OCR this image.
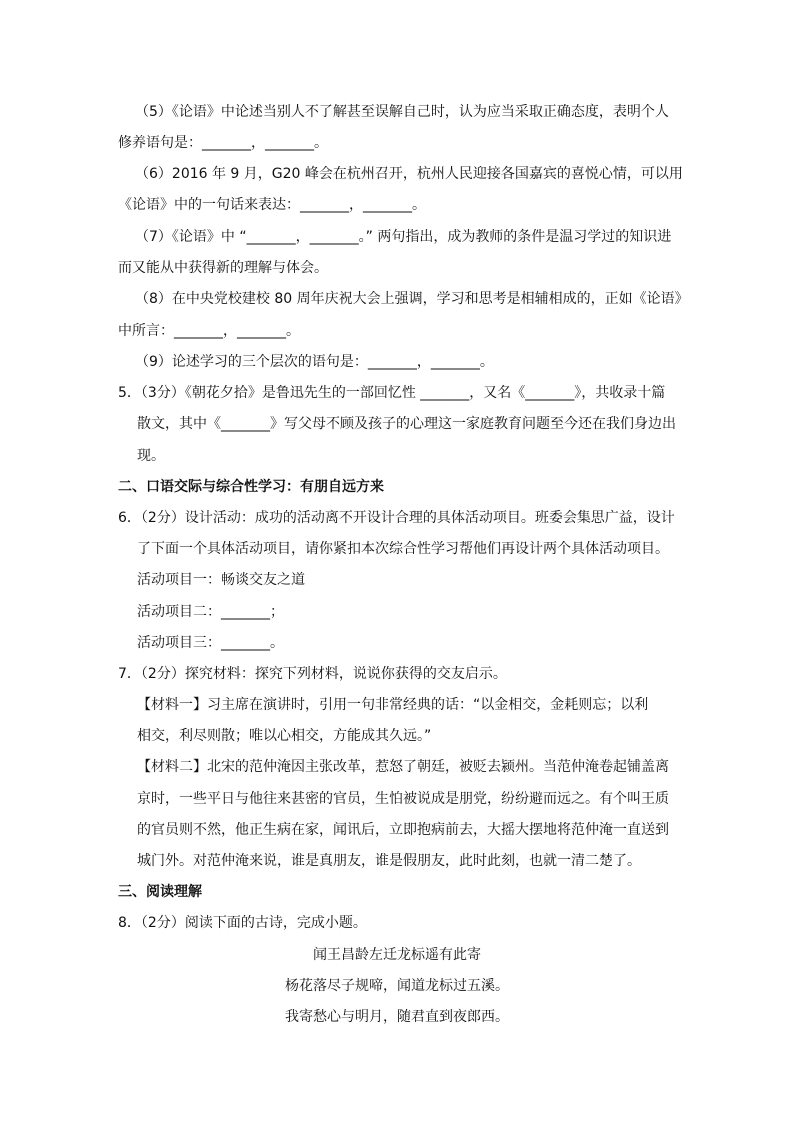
（5）《论语》中论述当别人不了解甚至误解自己时，认为应当采取正确态度，表明个人
修养语句是：_______，_______。
（6）2016 年 9 月，G20 峰会在杭州召开，杭州人民迎接各国嘉宾的喜悦心情，可以用
《论语》中的一句话来表达：_______，_______。
（7）《论语》中 “_______，_______。” 两句指出，成为教师的条件是温习学过的知识进
而又能从中获得新的理解与体会。
（8）在中央党校建校 80 周年庆祝大会上强调，学习和思考是相辅相成的，正如《论语》
中所言：_______，_______。
（9）论述学习的三个层次的语句是：_______，_______。
5．（3分）《朝花夕拾》是鲁迅先生的一部回忆性 _______，又名《_______》，共收录十篇
散文，其中《_______》写父母不顾及孩子的心理这一家庭教育问题至今还在我们身边出
现。
二、口语交际与综合性学习：有朋自远方来
6．（2分）设计活动：成功的活动离不开设计合理的具体活动项目。班委会集思广益，设计
了下面一个具体活动项目，请你紧扣本次综合性学习帮他们再设计两个具体活动项目。
活动项目一：畅谈交友之道
活动项目二：_______；
活动项目三：_______。
7．（2分）探究材料：探究下列材料，说说你获得的交友启示。
【材料一】习主席在演讲时，引用一句非常经典的话：“以金相交，金耗则忘；以利
相交，利尽则散；唯以心相交，方能成其久远。”
【材料二】北宋的范仲淹因主张改革，惹怒了朝廷，被贬去颍州。当范仲淹卷起铺盖离
京时，一些平日与他往来甚密的官员，生怕被说成是朋党，纷纷避而远之。有个叫王质
的官员则不然，他正生病在家，闻讯后，立即抱病前去，大摇大摆地将范仲淹一直送到
城门外。对范仲淹来说，谁是真朋友，谁是假朋友，此时此刻，也就一清二楚了。
三、阅读理解
8．（2分）阅读下面的古诗，完成小题。
闻王昌龄左迁龙标遥有此寄
杨花落尽子规啼，闻道龙标过五溪。
我寄愁心与明月，随君直到夜郎西。
